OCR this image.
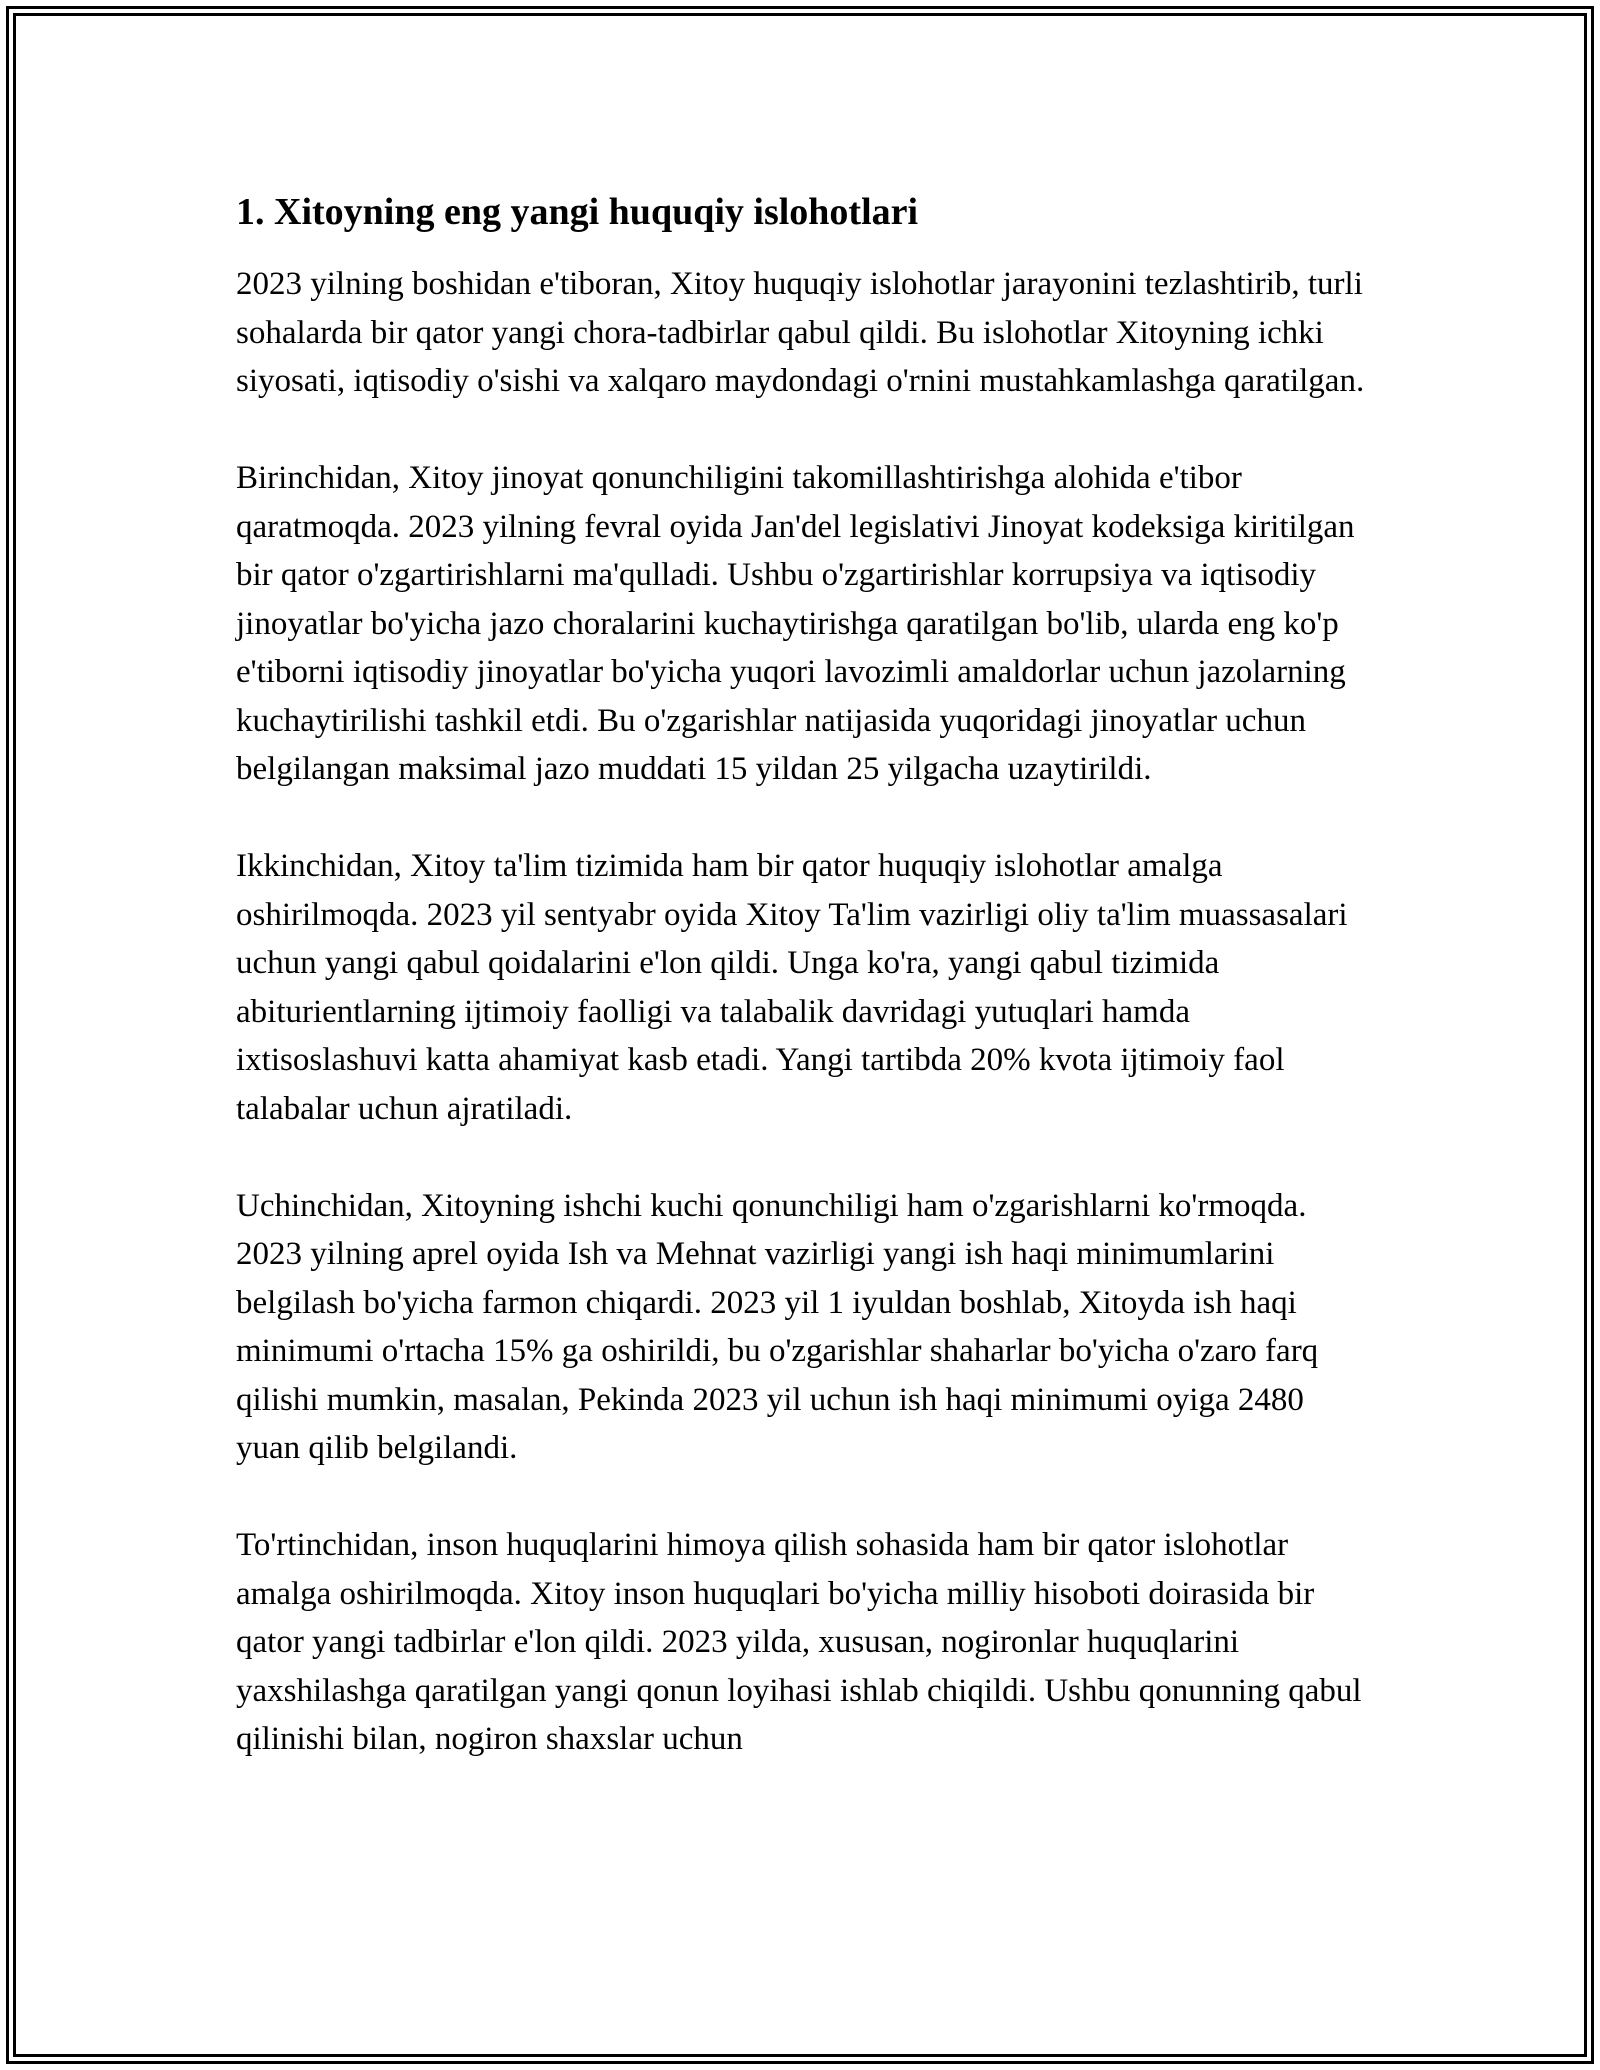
1. Xitoyning eng yangi huquqiy islohotlari

2023 yilning boshidan e'tiboran, Xitoy huquqiy islohotlar jarayonini tezlashtirib, turli sohalarda bir qator yangi chora-tadbirlar qabul qildi. Bu islohotlar Xitoyning ichki siyosati, iqtisodiy o'sishi va xalqaro maydondagi o'rnini mustahkamlashga qaratilgan.

Birinchidan, Xitoy jinoyat qonunchiligini takomillashtirishga alohida e'tibor qaratmoqda. 2023 yilning fevral oyida Jan'del legislativi Jinoyat kodeksiga kiritilgan bir qator o'zgartirishlarni ma'qulladi. Ushbu o'zgartirishlar korrupsiya va iqtisodiy jinoyatlar bo'yicha jazo choralarini kuchaytirishga qaratilgan bo'lib, ularda eng ko'p e'tiborni iqtisodiy jinoyatlar bo'yicha yuqori lavozimli amaldorlar uchun jazolarning kuchaytirilishi tashkil etdi. Bu o'zgarishlar natijasida yuqoridagi jinoyatlar uchun belgilangan maksimal jazo muddati 15 yildan 25 yilgacha uzaytirildi.

Ikkinchidan, Xitoy ta'lim tizimida ham bir qator huquqiy islohotlar amalga oshirilmoqda. 2023 yil sentyabr oyida Xitoy Ta'lim vazirligi oliy ta'lim muassasalari uchun yangi qabul qoidalarini e'lon qildi. Unga ko'ra, yangi qabul tizimida abiturientlarning ijtimoiy faolligi va talabalik davridagi yutuqlari hamda ixtisoslashuvi katta ahamiyat kasb etadi. Yangi tartibda 20% kvota ijtimoiy faol talabalar uchun ajratiladi.

Uchinchidan, Xitoyning ishchi kuchi qonunchiligi ham o'zgarishlarni ko'rmoqda. 2023 yilning aprel oyida Ish va Mehnat vazirligi yangi ish haqi minimumlarini belgilash bo'yicha farmon chiqardi. 2023 yil 1 iyuldan boshlab, Xitoyda ish haqi minimumi o'rtacha 15% ga oshirildi, bu o'zgarishlar shaharlar bo'yicha o'zaro farq qilishi mumkin, masalan, Pekinda 2023 yil uchun ish haqi minimumi oyiga 2480 yuan qilib belgilandi.

To'rtinchidan, inson huquqlarini himoya qilish sohasida ham bir qator islohotlar amalga oshirilmoqda. Xitoy inson huquqlari bo'yicha milliy hisoboti doirasida bir qator yangi tadbirlar e'lon qildi. 2023 yilda, xususan, nogironlar huquqlarini yaxshilashga qaratilgan yangi qonun loyihasi ishlab chiqildi. Ushbu qonunning qabul qilinishi bilan, nogiron shaxslar uchun
